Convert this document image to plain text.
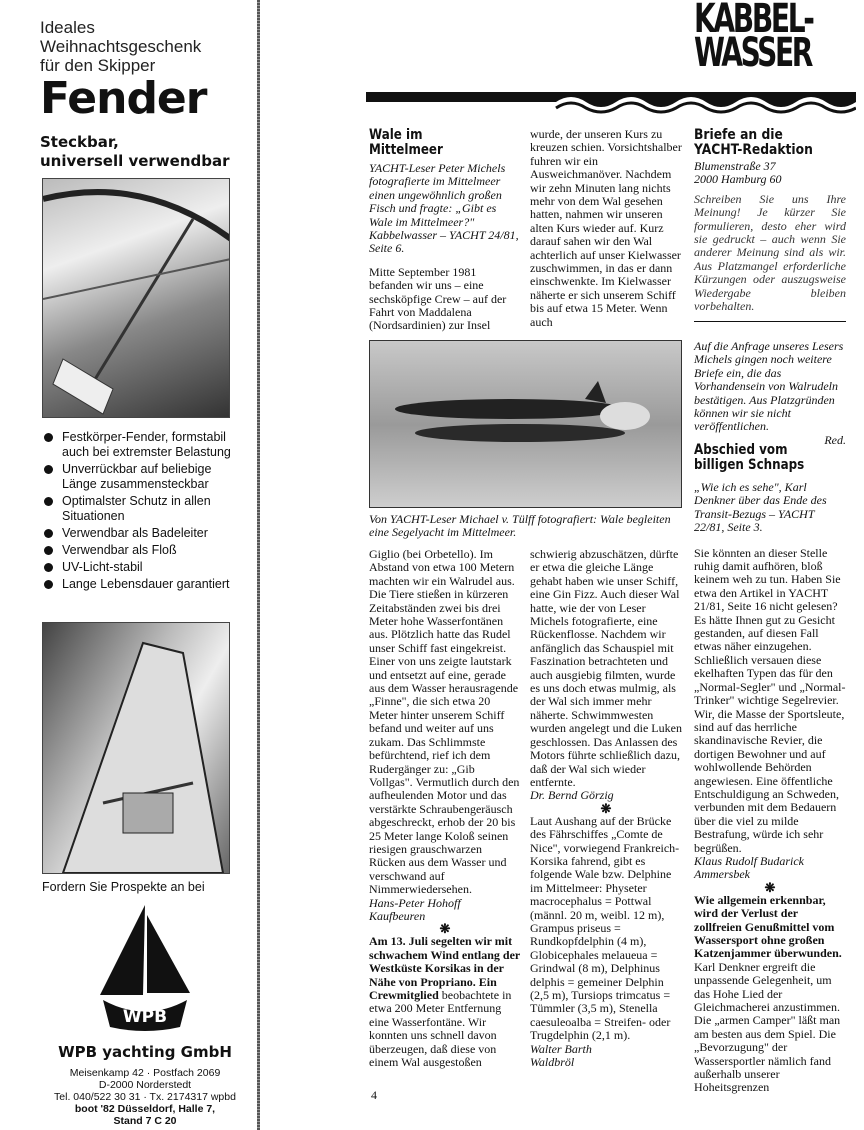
Ideales
Weihnachtsgeschenk
für den Skipper
Fender
Steckbar,
universell verwendbar
Festkörper-Fender, formstabil auch bei extremster Belastung
Unverrückbar auf beliebige Länge zusammensteckbar
Optimalster Schutz in allen Situationen
Verwendbar als Badeleiter
Verwendbar als Floß
UV-Licht-stabil
Lange Lebensdauer garantiert
Fordern Sie Prospekte an bei
WPB
WPB yachting GmbH
Meisenkamp 42 · Postfach 2069
D-2000 Norderstedt
Tel. 040/522 30 31 · Tx. 2174317 wpbd
boot '82 Düsseldorf, Halle 7,
Stand 7 C 20
KABBEL-
WASSER
Wale im
Mittelmeer

YACHT-Leser Peter Michels fotografierte im Mittelmeer einen ungewöhnlich großen Fisch und fragte: „Gibt es Wale im Mittelmeer?" Kabbelwasser – YACHT 24/81, Seite 6.

Mitte September 1981 befanden wir uns – eine sechsköpfige Crew – auf der Fahrt von Maddalena (Nordsardinien) zur Insel

wurde, der unseren Kurs zu kreuzen schien. Vorsichtshalber fuhren wir ein Ausweichmanöver. Nachdem wir zehn Minuten lang nichts mehr von dem Wal gesehen hatten, nahmen wir unseren alten Kurs wieder auf. Kurz darauf sahen wir den Wal achterlich auf unser Kielwasser zuschwimmen, in das er dann einschwenkte. Im Kielwasser näherte er sich unserem Schiff bis auf etwa 15 Meter. Wenn auch

Von YACHT-Leser Michael v. Tülff fotografiert: Wale begleiten eine Segelyacht im Mittelmeer.

Giglio (bei Orbetello). Im Abstand von etwa 100 Metern machten wir ein Walrudel aus. Die Tiere stießen in kürzeren Zeitabständen zwei bis drei Meter hohe Wasserfontänen aus. Plötzlich hatte das Rudel unser Schiff fast eingekreist. Einer von uns zeigte lautstark und entsetzt auf eine, gerade aus dem Wasser herausragende „Finne", die sich etwa 20 Meter hinter unserem Schiff befand und weiter auf uns zukam. Das Schlimmste befürchtend, rief ich dem Rudergänger zu: „Gib Vollgas". Vermutlich durch den aufheulenden Motor und das verstärkte Schraubengeräusch abgeschreckt, erhob der 20 bis 25 Meter lange Koloß seinen riesigen grauschwarzen Rücken aus dem Wasser und verschwand auf Nimmerwiedersehen.

Hans-Peter Hohoff

Kaufbeuren

❋

Am 13. Juli segelten wir mit schwachem Wind entlang der Westküste Korsikas in der Nähe von Propriano. Ein Crewmitglied beobachtete in etwa 200 Meter Entfernung eine Wasserfontäne. Wir konnten uns schnell davon überzeugen, daß diese von einem Wal ausgestoßen

schwierig abzuschätzen, dürfte er etwa die gleiche Länge gehabt haben wie unser Schiff, eine Gin Fizz. Auch dieser Wal hatte, wie der von Leser Michels fotografierte, eine Rückenflosse. Nachdem wir anfänglich das Schauspiel mit Faszination betrachteten und auch ausgiebig filmten, wurde es uns doch etwas mulmig, als der Wal sich immer mehr näherte. Schwimmwesten wurden angelegt und die Luken geschlossen. Das Anlassen des Motors führte schließlich dazu, daß der Wal sich wieder entfernte.

Dr. Bernd Görzig

❋

Laut Aushang auf der Brücke des Fährschiffes „Comte de Nice", vorwiegend Frankreich-Korsika fahrend, gibt es folgende Wale bzw. Delphine im Mittelmeer: Physeter macrocephalus = Pottwal (männl. 20 m, weibl. 12 m), Grampus priseus = Rundkopfdelphin (4 m), Globicephales melaueua = Grindwal (8 m), Delphinus delphis = gemeiner Delphin (2,5 m), Tursiops trimcatus = Tümmler (3,5 m), Stenella caesuleoalba = Streifen- oder Trugdelphin (2,1 m).

Walter Barth

Waldbröl

4
Briefe an die
YACHT-Redaktion
Blumenstraße 37
2000 Hamburg 60

Schreiben Sie uns Ihre Meinung! Je kürzer Sie formulieren, desto eher wird sie gedruckt – auch wenn Sie anderer Meinung sind als wir. Aus Platzmangel erforderliche Kürzungen oder auszugsweise Wiedergabe bleiben vorbehalten.

Auf die Anfrage unseres Lesers Michels gingen noch weitere Briefe ein, die das Vorhandensein von Walrudeln bestätigen. Aus Platzgründen können wir sie nicht veröffentlichen.

Red.

Abschied vom
billigen Schnaps

„Wie ich es sehe", Karl Denkner über das Ende des Transit-Bezugs – YACHT 22/81, Seite 3.

Sie könnten an dieser Stelle ruhig damit aufhören, bloß keinem weh zu tun. Haben Sie etwa den Artikel in YACHT 21/81, Seite 16 nicht gelesen? Es hätte Ihnen gut zu Gesicht gestanden, auf diesen Fall etwas näher einzugehen. Schließlich versauen diese ekelhaften Typen das für den „Normal-Segler" und „Normal-Trinker" wichtige Segelrevier. Wir, die Masse der Sportsleute, sind auf das herrliche skandinavische Revier, die dortigen Bewohner und auf wohlwollende Behörden angewiesen. Eine öffentliche Entschuldigung an Schweden, verbunden mit dem Bedauern über die viel zu milde Bestrafung, würde ich sehr begrüßen.

Klaus Rudolf Budarick

Ammersbek

❋

Wie allgemein erkennbar, wird der Verlust der zollfreien Genußmittel vom Wassersport ohne großen Katzenjammer überwunden. Karl Denkner ergreift die unpassende Gelegenheit, um das Hohe Lied der Gleichmacherei anzustimmen. Die „armen Camper" läßt man am besten aus dem Spiel. Die „Bevorzugung" der Wassersportler nämlich fand außerhalb unserer Hoheitsgrenzen
